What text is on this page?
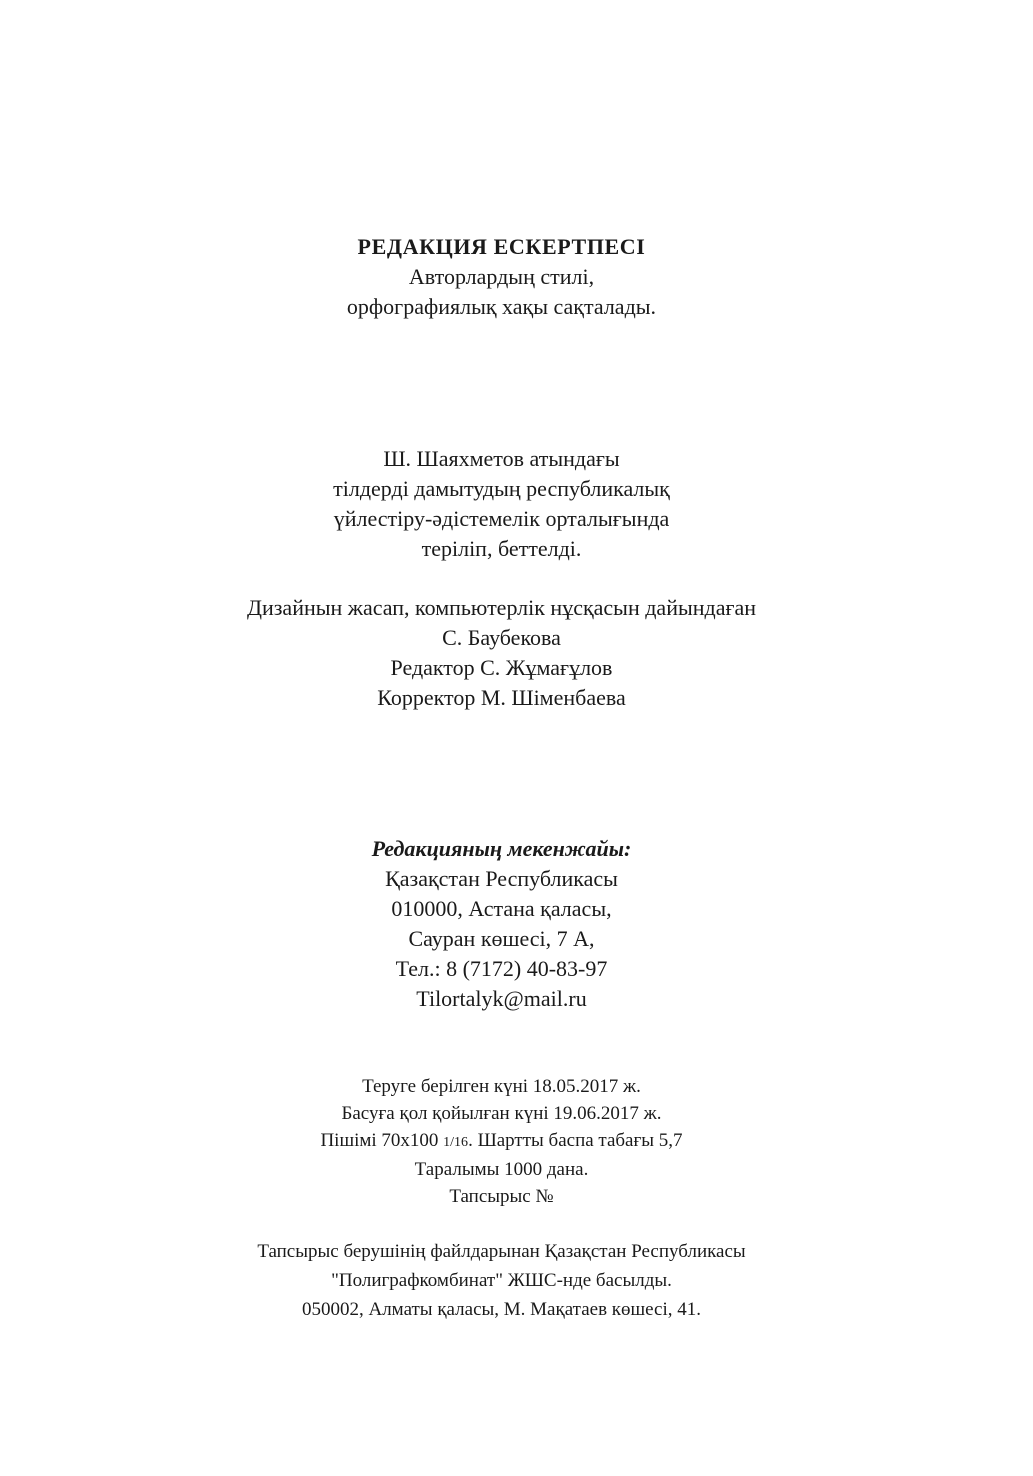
РЕДАКЦИЯ ЕСКЕРТПЕСІ
Авторлардың стилі,
орфографиялық хақы сақталады.
Ш. Шаяхметов атындағы
тілдерді дамытудың республикалық
үйлестіру-әдістемелік орталығында
теріліп, беттелді.
Дизайнын жасап, компьютерлік нұсқасын дайындаған
С. Баубекова
Редактор С. Жұмағұлов
Корректор М. Шіменбаева
Редакцияның мекенжайы:
Қазақстан Республикасы
010000, Астана қаласы,
Сауран көшесі, 7 А,
Тел.: 8 (7172) 40-83-97
Tilortalyk@mail.ru
Теруге берілген күні 18.05.2017 ж.
Басуға қол қойылған күні 19.06.2017 ж.
Пішімі 70x100 1/16. Шартты баспа табағы 5,7
Таралымы 1000 дана.
Тапсырыс №
Тапсырыс берушінің файлдарынан Қазақстан Республикасы
"Полиграфкомбинат" ЖШС-нде басылды.
050002, Алматы қаласы, М. Мақатаев көшесі, 41.
